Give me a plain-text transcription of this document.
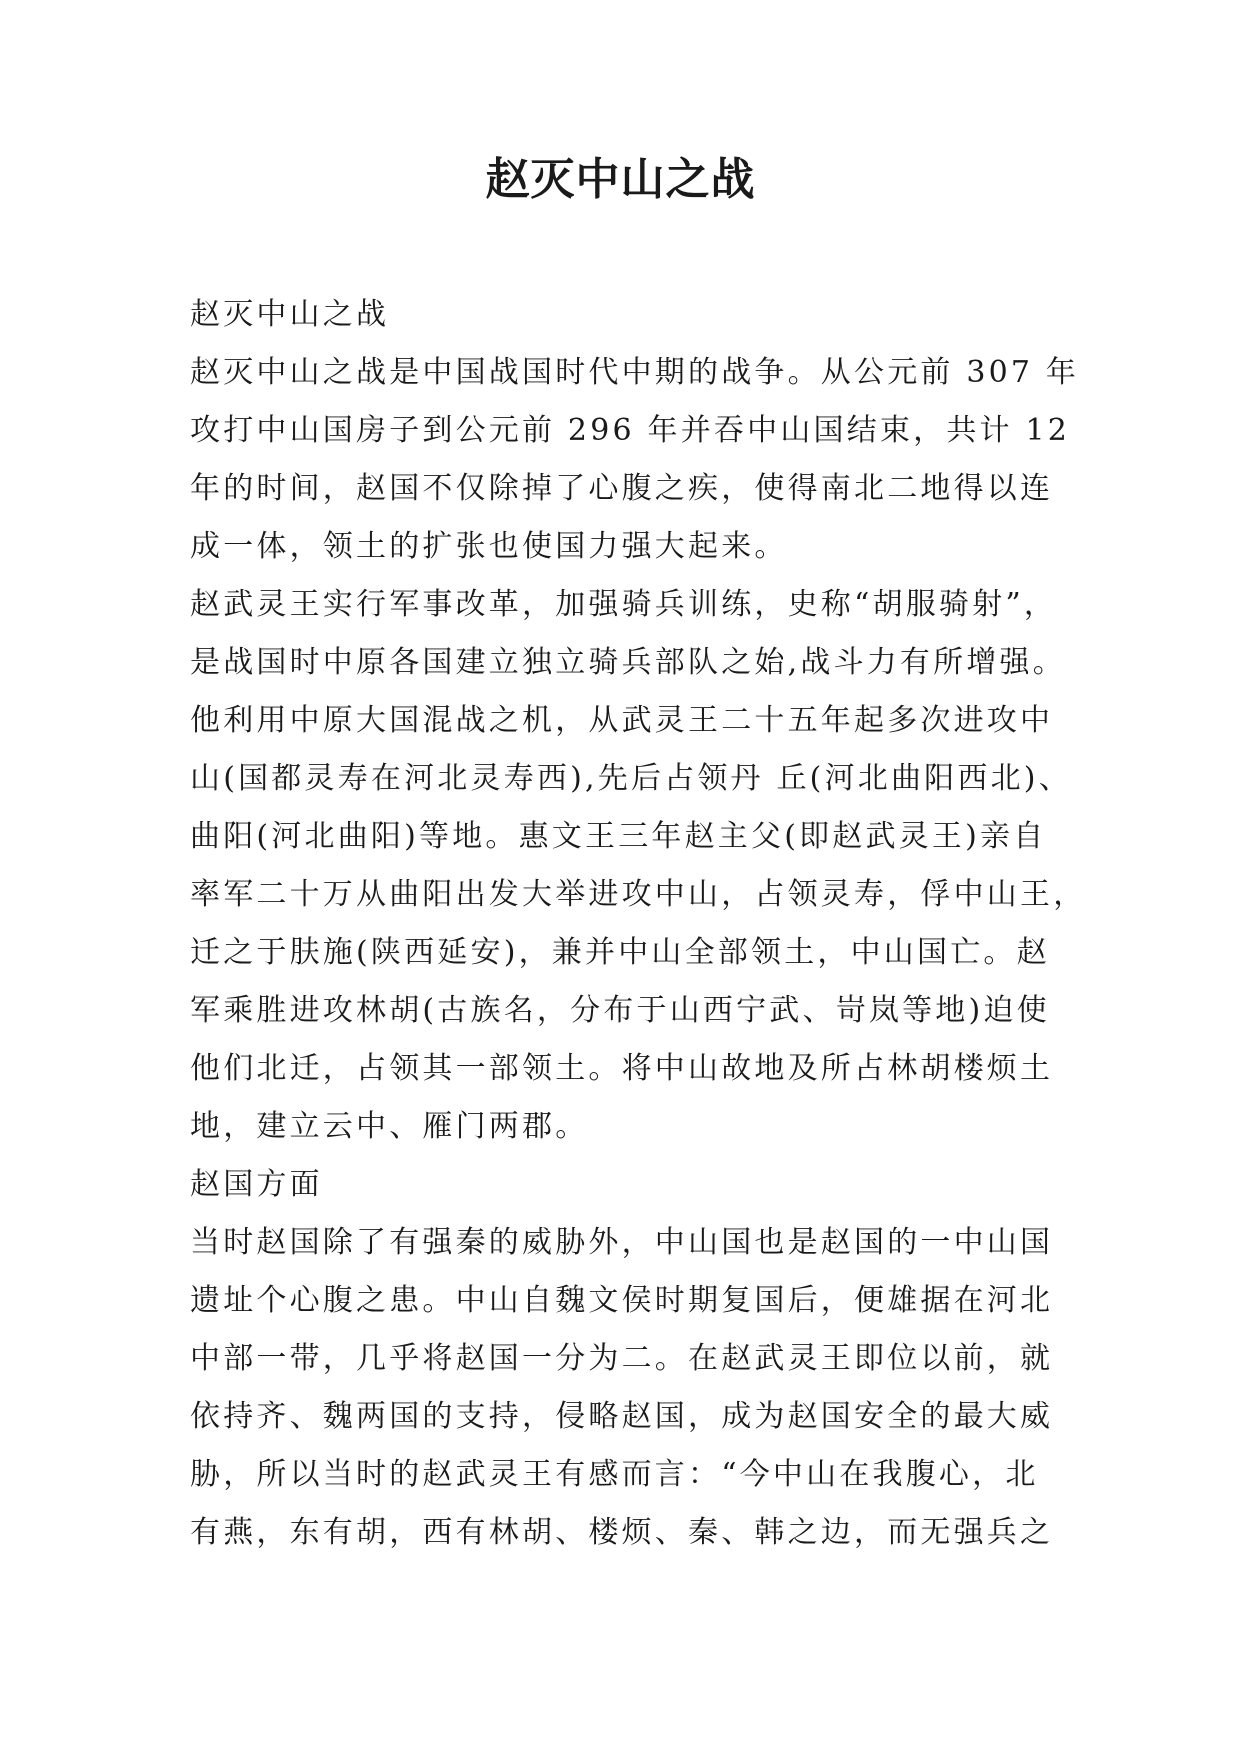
赵灭中山之战
赵灭中山之战
赵灭中山之战是中国战国时代中期的战争。从公元前 307 年
攻打中山国房子到公元前 296 年并吞中山国结束，共计 12
年的时间，赵国不仅除掉了心腹之疾，使得南北二地得以连
成一体，领土的扩张也使国力强大起来。
赵武灵王实行军事改革，加强骑兵训练，史称“胡服骑射”，
是战国时中原各国建立独立骑兵部队之始,战斗力有所增强。
他利用中原大国混战之机，从武灵王二十五年起多次进攻中
山(国都灵寿在河北灵寿西),先后占领丹 丘(河北曲阳西北)、
曲阳(河北曲阳)等地。惠文王三年赵主父(即赵武灵王)亲自
率军二十万从曲阳出发大举进攻中山，占领灵寿，俘中山王，
迁之于肤施(陕西延安)，兼并中山全部领土，中山国亡。赵
军乘胜进攻林胡(古族名，分布于山西宁武、岢岚等地)迫使
他们北迁，占领其一部领土。将中山故地及所占林胡楼烦土
地，建立云中、雁门两郡。
赵国方面
当时赵国除了有强秦的威胁外，中山国也是赵国的一中山国
遗址个心腹之患。中山自魏文侯时期复国后，便雄据在河北
中部一带，几乎将赵国一分为二。在赵武灵王即位以前，就
依持齐、魏两国的支持，侵略赵国，成为赵国安全的最大威
胁，所以当时的赵武灵王有感而言：“今中山在我腹心，北
有燕，东有胡，西有林胡、楼烦、秦、韩之边，而无强兵之
